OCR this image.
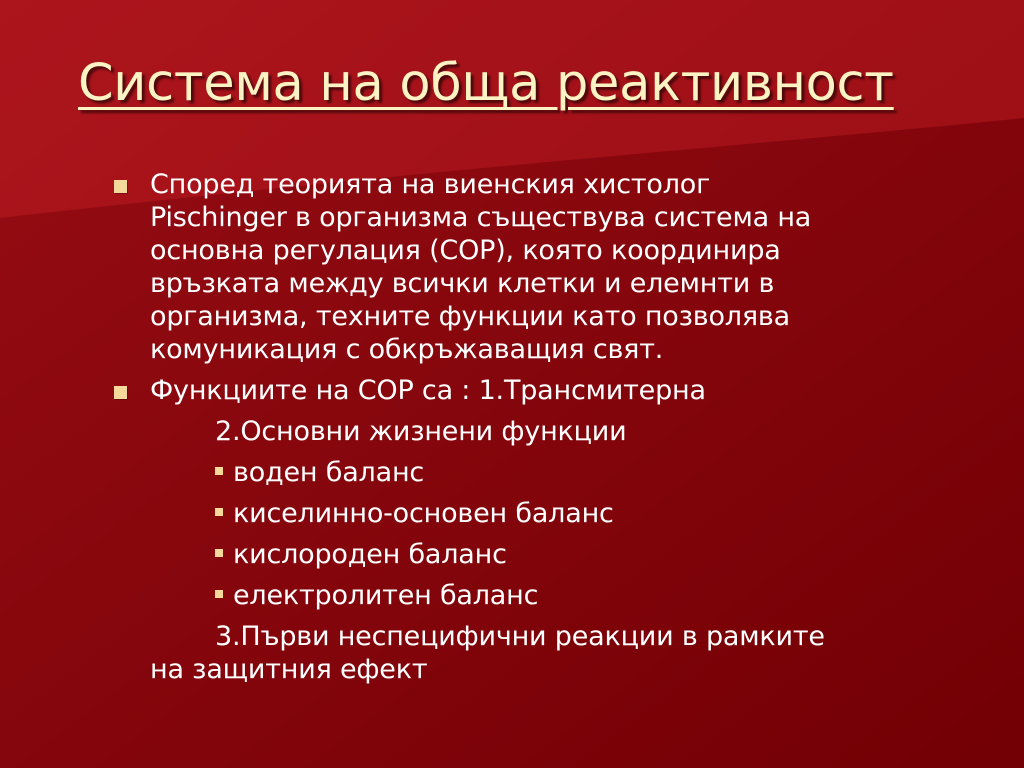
Система на обща реактивност
Според теорията на виенския хистолог
Pischinger в организма съществува система на
основна регулация (СОР), която координира
връзката между всички клетки и елемнти в
организма, техните функции като позволява
комуникация с обкръжаващия свят.
Функциите на СОР са : 1.Трансмитерна
2.Основни жизнени функции
воден баланс
киселинно-основен баланс
кислороден баланс
електролитен баланс
3.Първи неспецифични реакции в рамките
на защитния ефект
